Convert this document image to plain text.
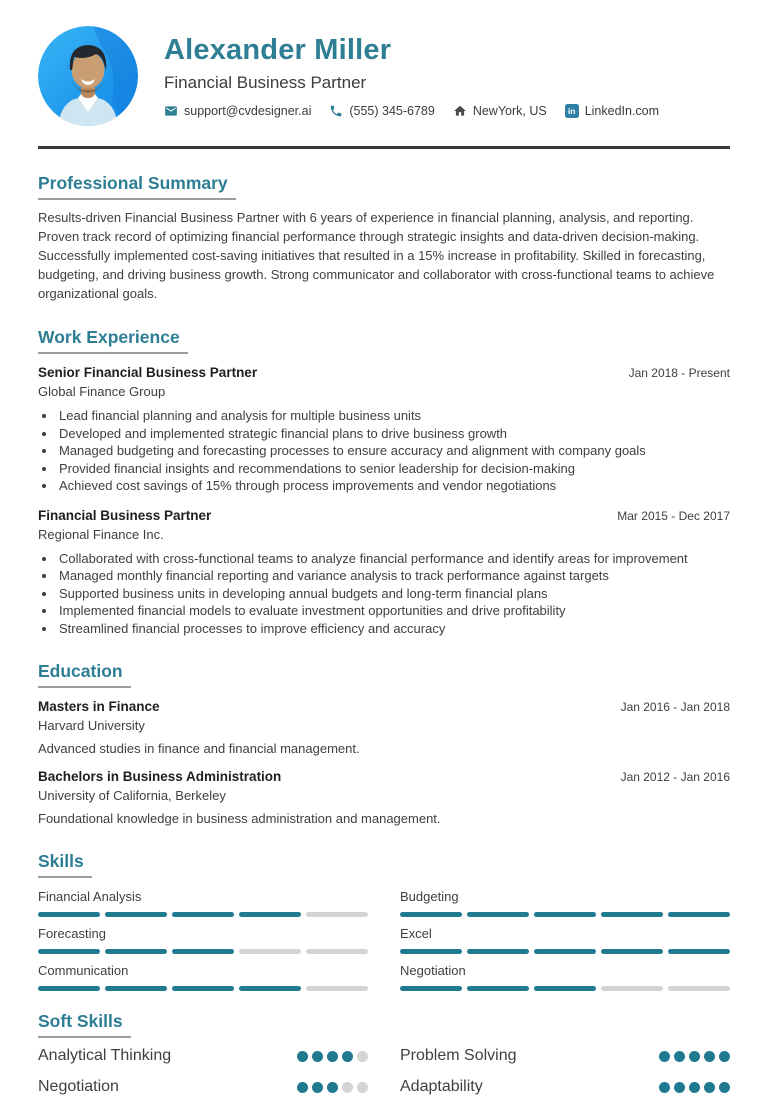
Alexander Miller
Financial Business Partner
support@cvdesigner.ai	(555) 345-6789	NewYork, US	in LinkedIn.com
Professional Summary

Results-driven Financial Business Partner with 6 years of experience in financial planning, analysis, and reporting. Proven track record of optimizing financial performance through strategic insights and data-driven decision-making. Successfully implemented cost-saving initiatives that resulted in a 15% increase in profitability. Skilled in forecasting, budgeting, and driving business growth. Strong communicator and collaborator with cross-functional teams to achieve organizational goals.

Work Experience
Senior Financial Business Partner	Jan 2018 - Present
Global Finance Group
• Lead financial planning and analysis for multiple business units
• Developed and implemented strategic financial plans to drive business growth
• Managed budgeting and forecasting processes to ensure accuracy and alignment with company goals
• Provided financial insights and recommendations to senior leadership for decision-making
• Achieved cost savings of 15% through process improvements and vendor negotiations
Financial Business Partner	Mar 2015 - Dec 2017
Regional Finance Inc.
• Collaborated with cross-functional teams to analyze financial performance and identify areas for improvement
• Managed monthly financial reporting and variance analysis to track performance against targets
• Supported business units in developing annual budgets and long-term financial plans
• Implemented financial models to evaluate investment opportunities and drive profitability
• Streamlined financial processes to improve efficiency and accuracy
Education
Masters in Finance	Jan 2016 - Jan 2018
Harvard University
Advanced studies in finance and financial management.
Bachelors in Business Administration	Jan 2012 - Jan 2016
University of California, Berkeley
Foundational knowledge in business administration and management.
Skills
Financial Analysis	Budgeting
Forecasting	Excel
Communication	Negotiation
Soft Skills
Analytical Thinking	Problem Solving
Negotiation	Adaptability
